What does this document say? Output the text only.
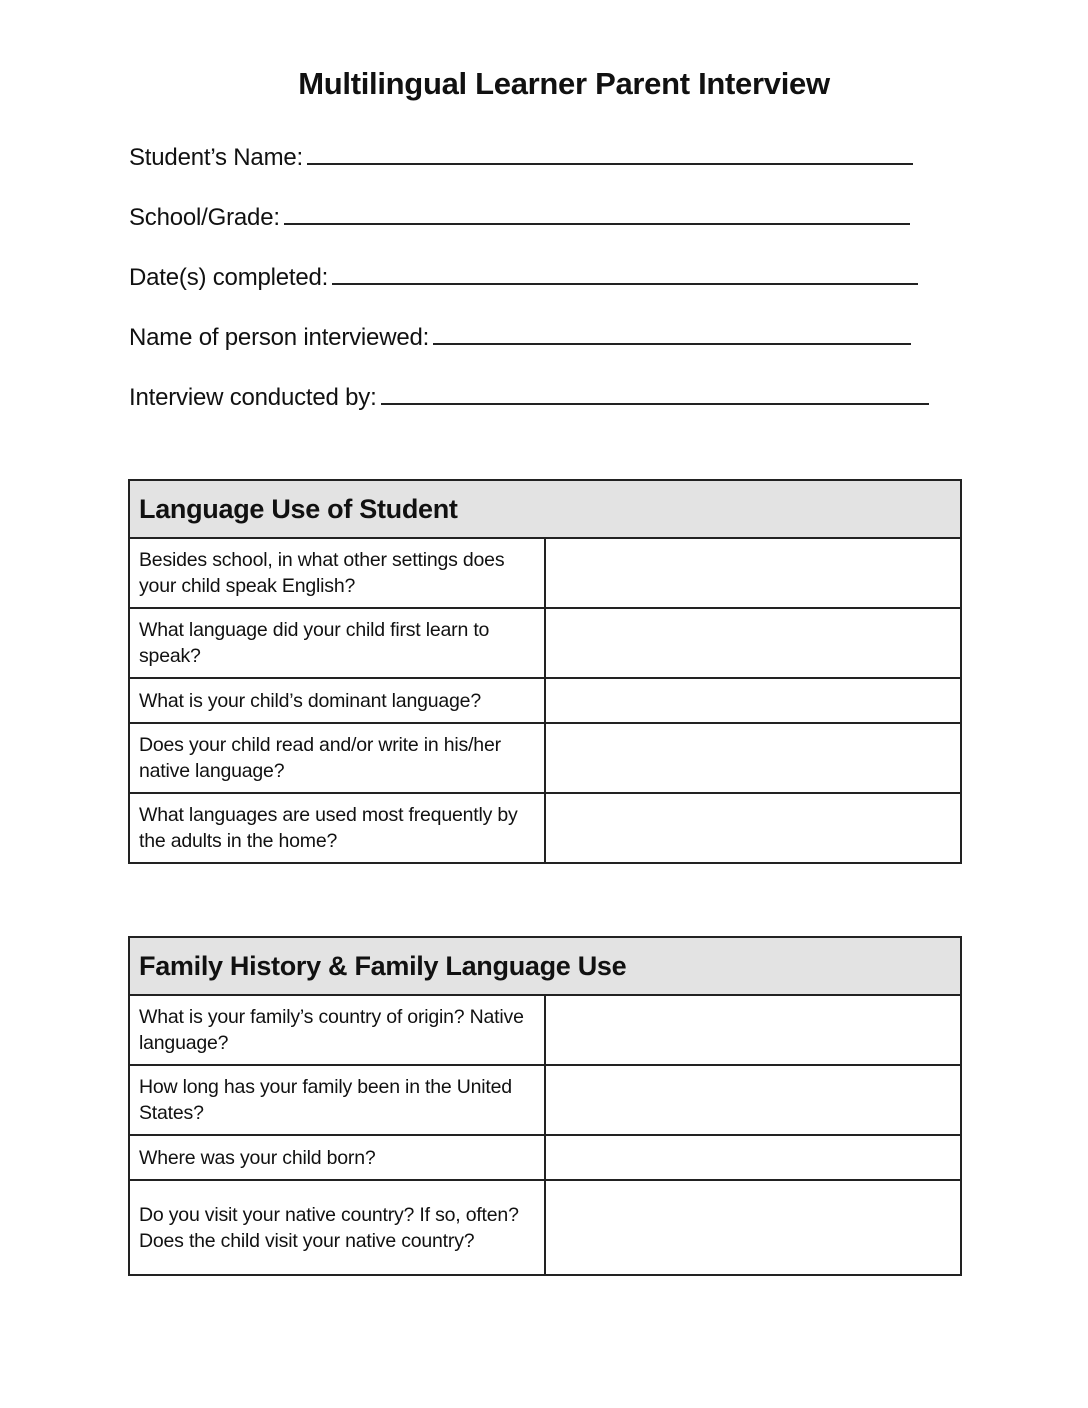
Multilingual Learner Parent Interview
Student’s Name:
School/Grade:
Date(s) completed:
Name of person interviewed:
Interview conducted by:
Language Use of Student	
Besides school, in what other settings does your child speak English?	
What language did your child first learn to speak?	
What is your child’s dominant language?	
Does your child read and/or write in his/her native language?	
What languages are used most frequently by the adults in the home?	
Family History & Family Language Use	
What is your family’s country of origin? Native language?	
How long has your family been in the United States?	
Where was your child born?	
Do you visit your native country? If so, often? Does the child visit your native country?	
